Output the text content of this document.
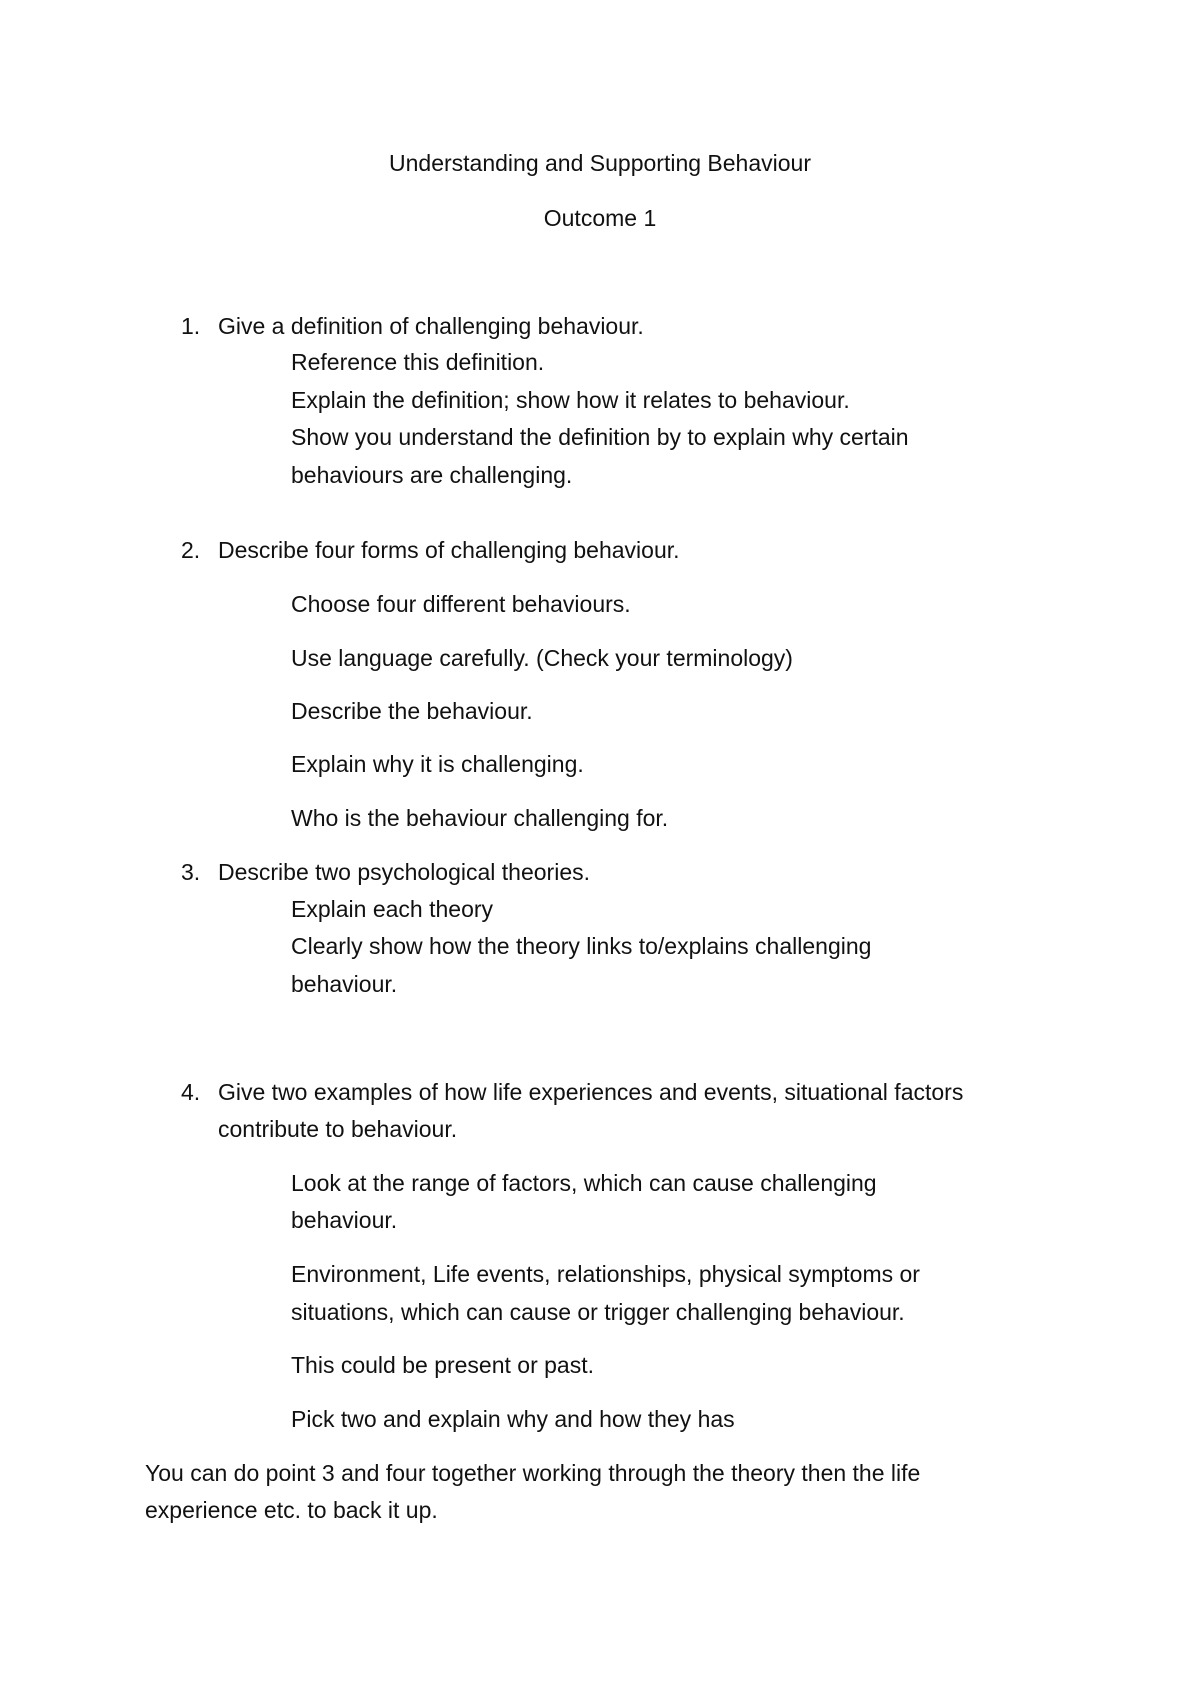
Understanding and Supporting Behaviour
Outcome 1
1. Give a definition of challenging behaviour.
Reference this definition.
Explain the definition; show how it relates to behaviour.
Show you understand the definition by to explain why certain
behaviours are challenging.
2. Describe four forms of challenging behaviour.
Choose four different behaviours.
Use language carefully. (Check your terminology)
Describe the behaviour.
Explain why it is challenging.
Who is the behaviour challenging for.
3. Describe two psychological theories.
Explain each theory
Clearly show how the theory links to/explains challenging
behaviour.
4. Give two examples of how life experiences and events, situational factors
contribute to behaviour.
Look at the range of factors, which can cause challenging
behaviour.
Environment, Life events, relationships, physical symptoms or
situations, which can cause or trigger challenging behaviour.
This could be present or past.
Pick two and explain why and how they has
You can do point 3 and four together working through the theory then the life
experience etc. to back it up.
